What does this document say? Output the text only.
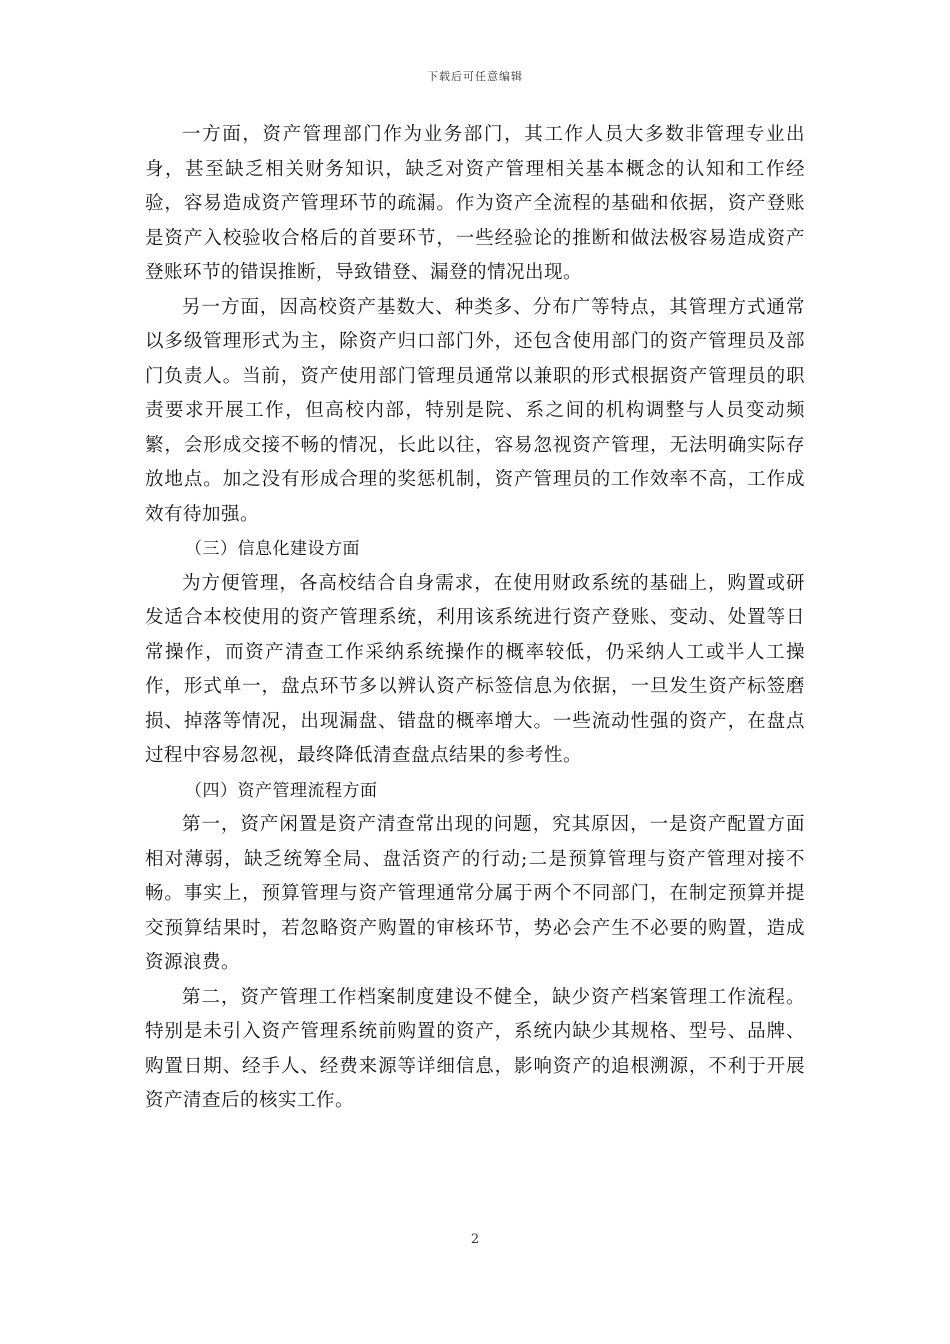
下载后可任意编辑

一方面，资产管理部门作为业务部门，其工作人员大多数非管理专业出身，甚至缺乏相关财务知识，缺乏对资产管理相关基本概念的认知和工作经验，容易造成资产管理环节的疏漏。作为资产全流程的基础和依据，资产登账是资产入校验收合格后的首要环节，一些经验论的推断和做法极容易造成资产登账环节的错误推断，导致错登、漏登的情况出现。

另一方面，因高校资产基数大、种类多、分布广等特点，其管理方式通常以多级管理形式为主，除资产归口部门外，还包含使用部门的资产管理员及部门负责人。当前，资产使用部门管理员通常以兼职的形式根据资产管理员的职责要求开展工作，但高校内部，特别是院、系之间的机构调整与人员变动频繁，会形成交接不畅的情况，长此以往，容易忽视资产管理，无法明确实际存放地点。加之没有形成合理的奖惩机制，资产管理员的工作效率不高，工作成效有待加强。

（三）信息化建设方面

为方便管理，各高校结合自身需求，在使用财政系统的基础上，购置或研发适合本校使用的资产管理系统，利用该系统进行资产登账、变动、处置等日常操作，而资产清查工作采纳系统操作的概率较低，仍采纳人工或半人工操作，形式单一，盘点环节多以辨认资产标签信息为依据，一旦发生资产标签磨损、掉落等情况，出现漏盘、错盘的概率增大。一些流动性强的资产，在盘点过程中容易忽视，最终降低清查盘点结果的参考性。

（四）资产管理流程方面

第一，资产闲置是资产清查常出现的问题，究其原因，一是资产配置方面相对薄弱，缺乏统筹全局、盘活资产的行动;二是预算管理与资产管理对接不畅。事实上，预算管理与资产管理通常分属于两个不同部门，在制定预算并提交预算结果时，若忽略资产购置的审核环节，势必会产生不必要的购置，造成资源浪费。

第二，资产管理工作档案制度建设不健全，缺少资产档案管理工作流程。特别是未引入资产管理系统前购置的资产，系统内缺少其规格、型号、品牌、购置日期、经手人、经费来源等详细信息，影响资产的追根溯源，不利于开展资产清查后的核实工作。

2
